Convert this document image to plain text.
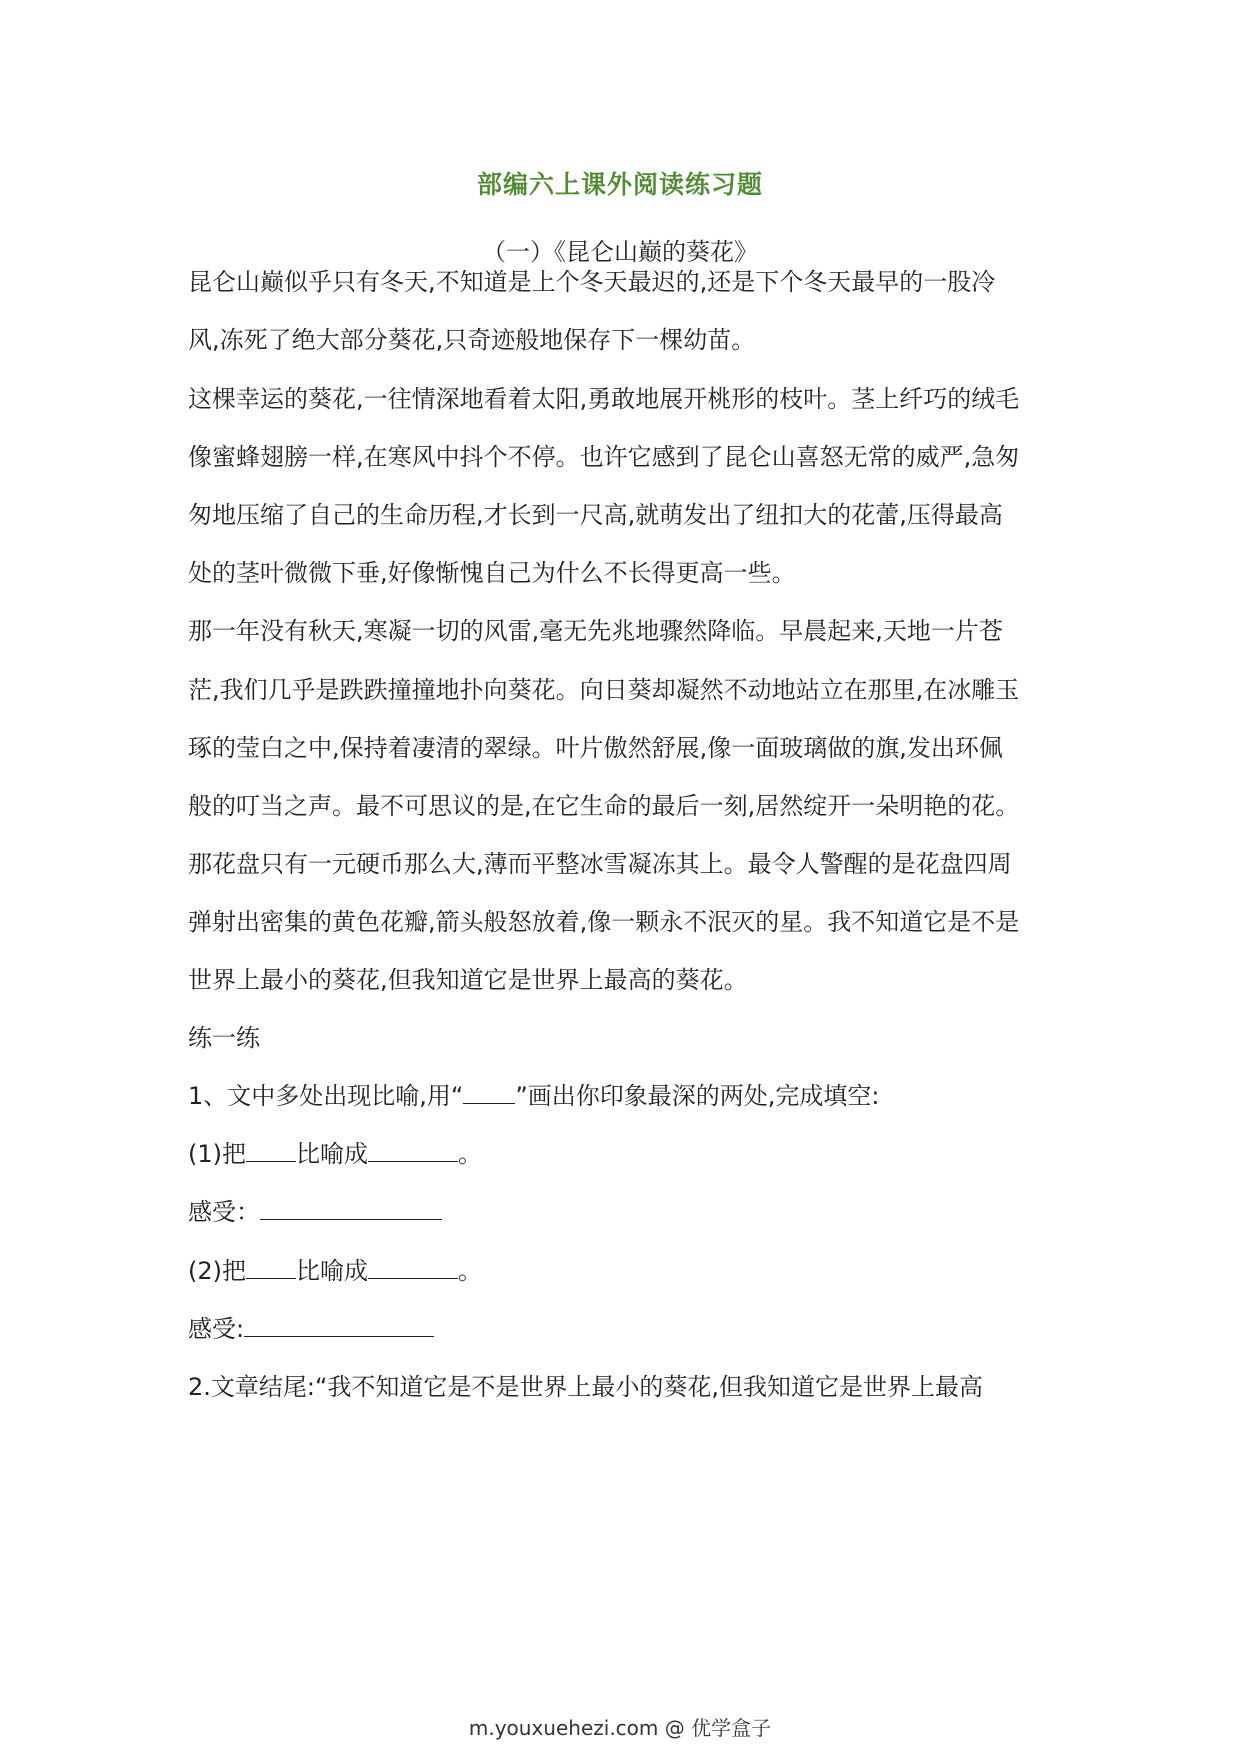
部编六上课外阅读练习题
（一）《昆仑山巅的葵花》
昆仑山巅似乎只有冬天,不知道是上个冬天最迟的,还是下个冬天最早的一股冷
风,冻死了绝大部分葵花,只奇迹般地保存下一棵幼苗。
这棵幸运的葵花,一往情深地看着太阳,勇敢地展开桃形的枝叶。茎上纤巧的绒毛
像蜜蜂翅膀一样,在寒风中抖个不停。也许它感到了昆仑山喜怒无常的威严,急匆
匆地压缩了自己的生命历程,才长到一尺高,就萌发出了纽扣大的花蕾,压得最高
处的茎叶微微下垂,好像惭愧自己为什么不长得更高一些。
那一年没有秋天,寒凝一切的风雷,毫无先兆地骤然降临。早晨起来,天地一片苍
茫,我们几乎是跌跌撞撞地扑向葵花。向日葵却凝然不动地站立在那里,在冰雕玉
琢的莹白之中,保持着凄清的翠绿。叶片傲然舒展,像一面玻璃做的旗,发出环佩
般的叮当之声。最不可思议的是,在它生命的最后一刻,居然绽开一朵明艳的花。
那花盘只有一元硬币那么大,薄而平整冰雪凝冻其上。最令人警醒的是花盘四周
弹射出密集的黄色花瓣,箭头般怒放着,像一颗永不泯灭的星。我不知道它是不是
世界上最小的葵花,但我知道它是世界上最高的葵花。
练一练
1、文中多处出现比喻,用“ ”画出你印象最深的两处,完成填空:
(1)把 比喻成	。
感受：
(2)把 比喻成	。
感受:
2.文章结尾:“我不知道它是不是世界上最小的葵花,但我知道它是世界上最高
m.youxuehezi.com @ 优学盒子
